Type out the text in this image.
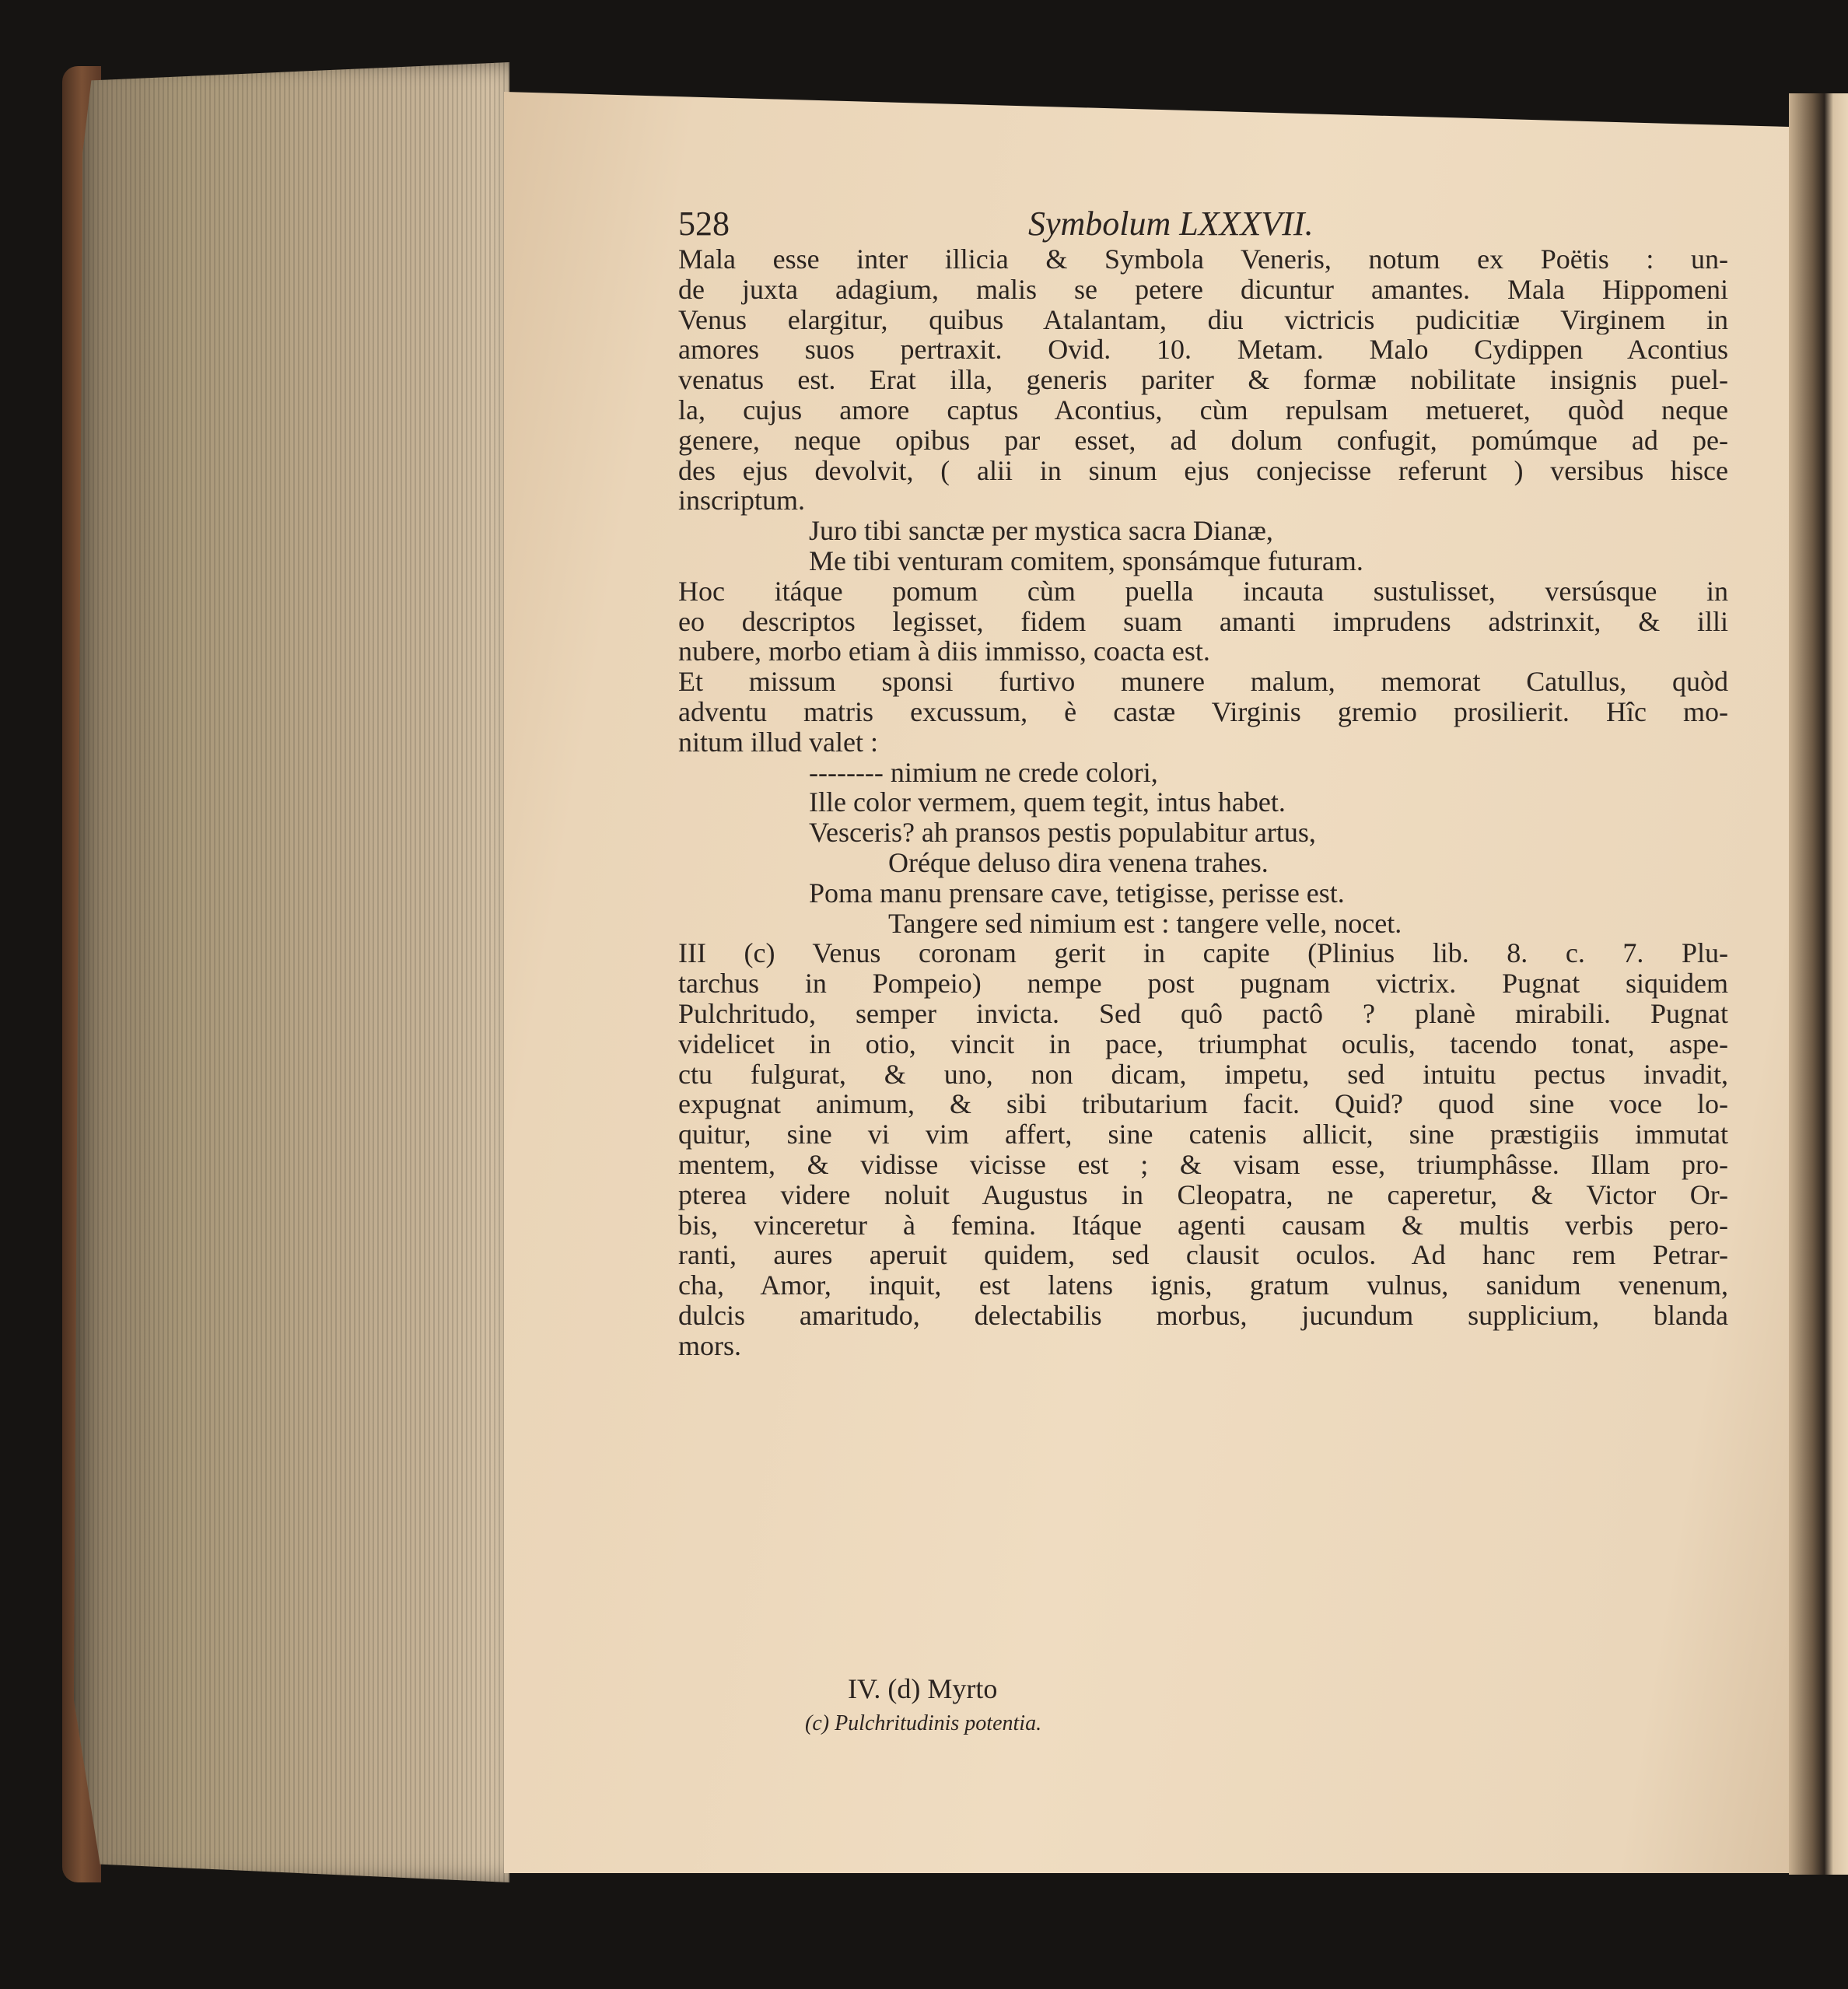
528	Symbolum LXXXVII.
Mala esse inter illicia & Symbola Veneris, notum ex Poëtis : un-
de juxta adagium, malis se petere dicuntur amantes. Mala Hippomeni
Venus elargitur, quibus Atalantam, diu victricis pudicitiæ Virginem in
amores suos pertraxit. Ovid. 10. Metam. Malo Cydippen Acontius
venatus est. Erat illa, generis pariter & formæ nobilitate insignis puel-
la, cujus amore captus Acontius, cùm repulsam metueret, quòd neque
genere, neque opibus par esset, ad dolum confugit, pomúmque ad pe-
des ejus devolvit, ( alii in sinum ejus conjecisse referunt ) versibus hisce
inscriptum.
Juro tibi sanctæ per mystica sacra Dianæ,
Me tibi venturam comitem, sponsámque futuram.
Hoc itáque pomum cùm puella incauta sustulisset, versúsque in
eo descriptos legisset, fidem suam amanti imprudens adstrinxit, & illi
nubere, morbo etiam à diis immisso, coacta est.
Et missum sponsi furtivo munere malum, memorat Catullus, quòd
adventu matris excussum, è castæ Virginis gremio prosilierit. Hîc mo-
nitum illud valet :
-------- nimium ne crede colori,
Ille color vermem, quem tegit, intus habet.
Vesceris? ah pransos pestis populabitur artus,
Oréque deluso dira venena trahes.
Poma manu prensare cave, tetigisse, perisse est.
Tangere sed nimium est : tangere velle, nocet.
III (c) Venus coronam gerit in capite (Plinius lib. 8. c. 7. Plu-
tarchus in Pompeio) nempe post pugnam victrix. Pugnat siquidem
Pulchritudo, semper invicta. Sed quô pactô ? planè mirabili. Pugnat
videlicet in otio, vincit in pace, triumphat oculis, tacendo tonat, aspe-
ctu fulgurat, & uno, non dicam, impetu, sed intuitu pectus invadit,
expugnat animum, & sibi tributarium facit. Quid? quod sine voce lo-
quitur, sine vi vim affert, sine catenis allicit, sine præstigiis immutat
mentem, & vidisse vicisse est ; & visam esse, triumphâsse. Illam pro-
pterea videre noluit Augustus in Cleopatra, ne caperetur, & Victor Or-
bis, vinceretur à femina. Itáque agenti causam & multis verbis pero-
ranti, aures aperuit quidem, sed clausit oculos. Ad hanc rem Petrar-
cha, Amor, inquit, est latens ignis, gratum vulnus, sanidum venenum,
dulcis amaritudo, delectabilis morbus, jucundum supplicium, blanda
mors.
IV. (d) Myrto
(c) Pulchritudinis potentia.
